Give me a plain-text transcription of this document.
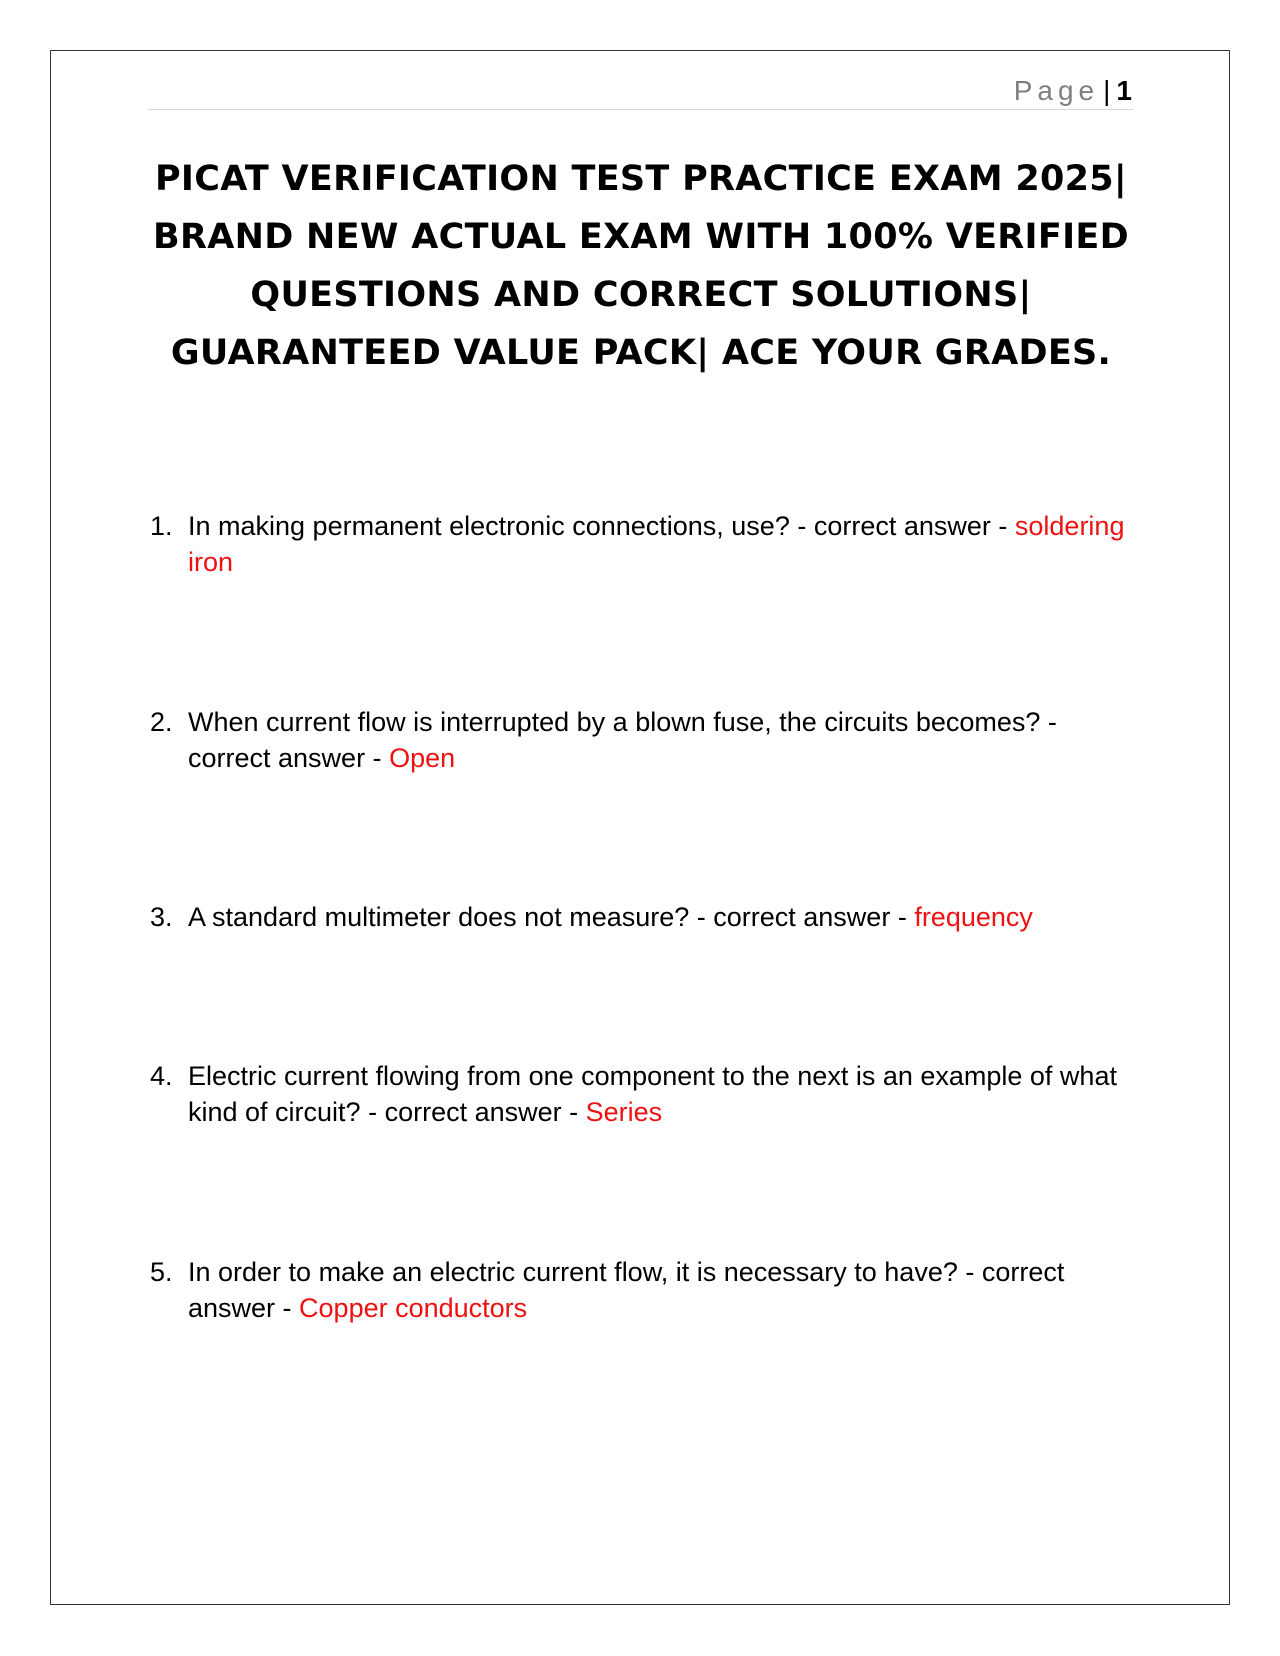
Page | 1
PICAT VERIFICATION TEST PRACTICE EXAM 2025| BRAND NEW ACTUAL EXAM WITH 100% VERIFIED QUESTIONS AND CORRECT SOLUTIONS| GUARANTEED VALUE PACK| ACE YOUR GRADES.
1. In making permanent electronic connections, use? - correct answer - soldering iron
2. When current flow is interrupted by a blown fuse, the circuits becomes? - correct answer - Open
3. A standard multimeter does not measure? - correct answer - frequency
4. Electric current flowing from one component to the next is an example of what kind of circuit? - correct answer - Series
5. In order to make an electric current flow, it is necessary to have? - correct answer - Copper conductors
